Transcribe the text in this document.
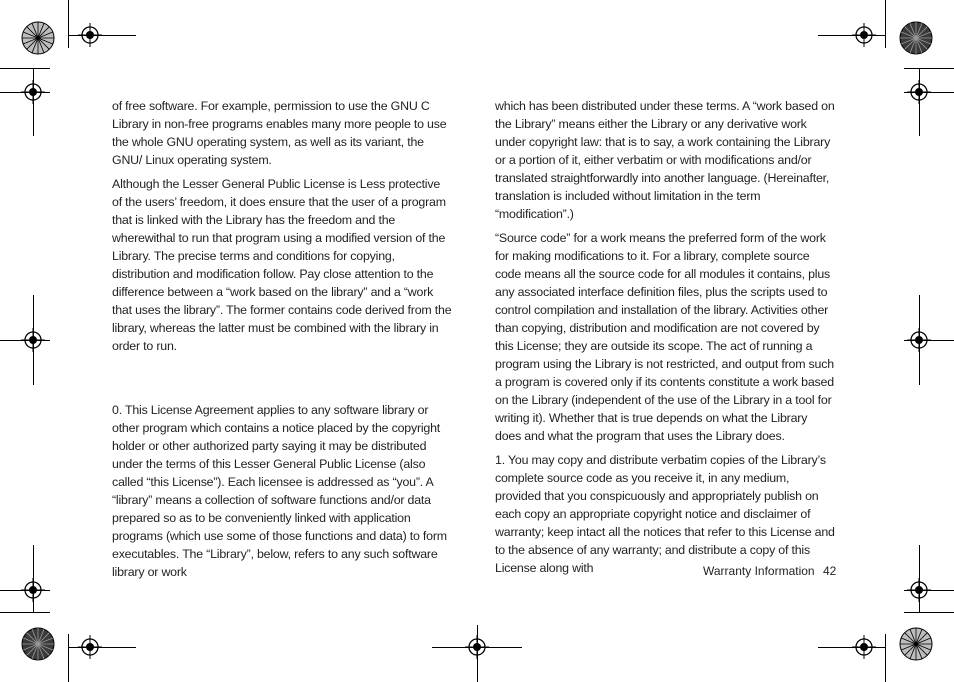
of free software. For example, permission to use the GNU C Library in non-free programs enables many more people to use the whole GNU operating system, as well as its variant, the GNU/ Linux operating system.

Although the Lesser General Public License is Less protective of the users’ freedom, it does ensure that the user of a program that is linked with the Library has the freedom and the wherewithal to run that program using a modified version of the Library. The precise terms and conditions for copying, distribution and modification follow. Pay close attention to the difference between a “work based on the library” and a “work that uses the library”. The former contains code derived from the library, whereas the latter must be combined with the library in order to run.

0. This License Agreement applies to any software library or other program which contains a notice placed by the copyright holder or other authorized party saying it may be distributed under the terms of this Lesser General Public License (also called “this License”). Each licensee is addressed as “you”. A “library” means a collection of software functions and/or data prepared so as to be conveniently linked with application programs (which use some of those functions and data) to form executables. The “Library”, below, refers to any such software library or work

which has been distributed under these terms. A “work based on the Library” means either the Library or any derivative work under copyright law: that is to say, a work containing the Library or a portion of it, either verbatim or with modifications and/or translated straightforwardly into another language. (Hereinafter, translation is included without limitation in the term “modification”.)

“Source code” for a work means the preferred form of the work for making modifications to it. For a library, complete source code means all the source code for all modules it contains, plus any associated interface definition files, plus the scripts used to control compilation and installation of the library. Activities other than copying, distribution and modification are not covered by this License; they are outside its scope. The act of running a program using the Library is not restricted, and output from such a program is covered only if its contents constitute a work based on the Library (independent of the use of the Library in a tool for writing it). Whether that is true depends on what the Library does and what the program that uses the Library does.

1. You may copy and distribute verbatim copies of the Library’s complete source code as you receive it, in any medium, provided that you conspicuously and appropriately publish on each copy an appropriate copyright notice and disclaimer of warranty; keep intact all the notices that refer to this License and to the absence of any warranty; and distribute a copy of this License along with	Warranty Information 42
